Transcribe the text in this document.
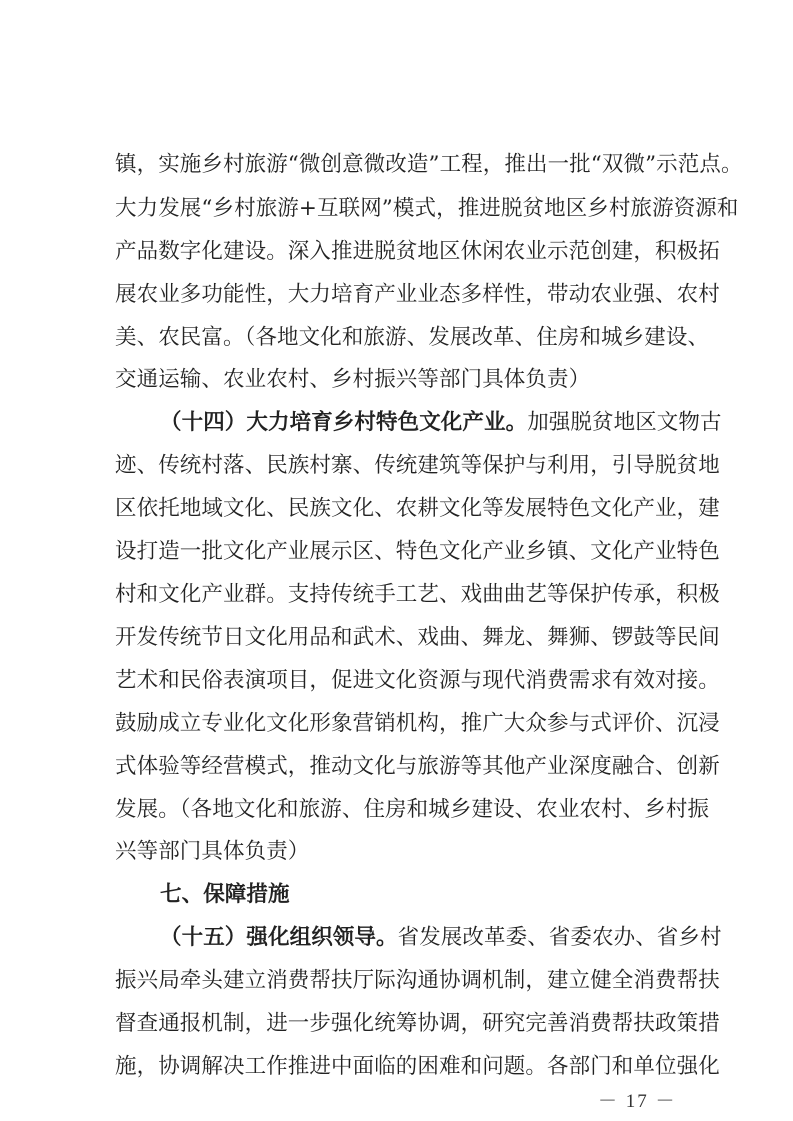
镇，实施乡村旅游“微创意微改造”工程，推出一批“双微”示范点。
大力发展“乡村旅游+互联网”模式，推进脱贫地区乡村旅游资源和
产品数字化建设。深入推进脱贫地区休闲农业示范创建，积极拓
展农业多功能性，大力培育产业业态多样性，带动农业强、农村
美、农民富。（各地文化和旅游、发展改革、住房和城乡建设、
交通运输、农业农村、乡村振兴等部门具体负责）
（十四）大力培育乡村特色文化产业。加强脱贫地区文物古
迹、传统村落、民族村寨、传统建筑等保护与利用，引导脱贫地
区依托地域文化、民族文化、农耕文化等发展特色文化产业，建
设打造一批文化产业展示区、特色文化产业乡镇、文化产业特色
村和文化产业群。支持传统手工艺、戏曲曲艺等保护传承，积极
开发传统节日文化用品和武术、戏曲、舞龙、舞狮、锣鼓等民间
艺术和民俗表演项目，促进文化资源与现代消费需求有效对接。
鼓励成立专业化文化形象营销机构，推广大众参与式评价、沉浸
式体验等经营模式，推动文化与旅游等其他产业深度融合、创新
发展。（各地文化和旅游、住房和城乡建设、农业农村、乡村振
兴等部门具体负责）
七、保障措施
（十五）强化组织领导。省发展改革委、省委农办、省乡村
振兴局牵头建立消费帮扶厅际沟通协调机制，建立健全消费帮扶
督查通报机制，进一步强化统筹协调，研究完善消费帮扶政策措
施，协调解决工作推进中面临的困难和问题。各部门和单位强化
－ 17 －
